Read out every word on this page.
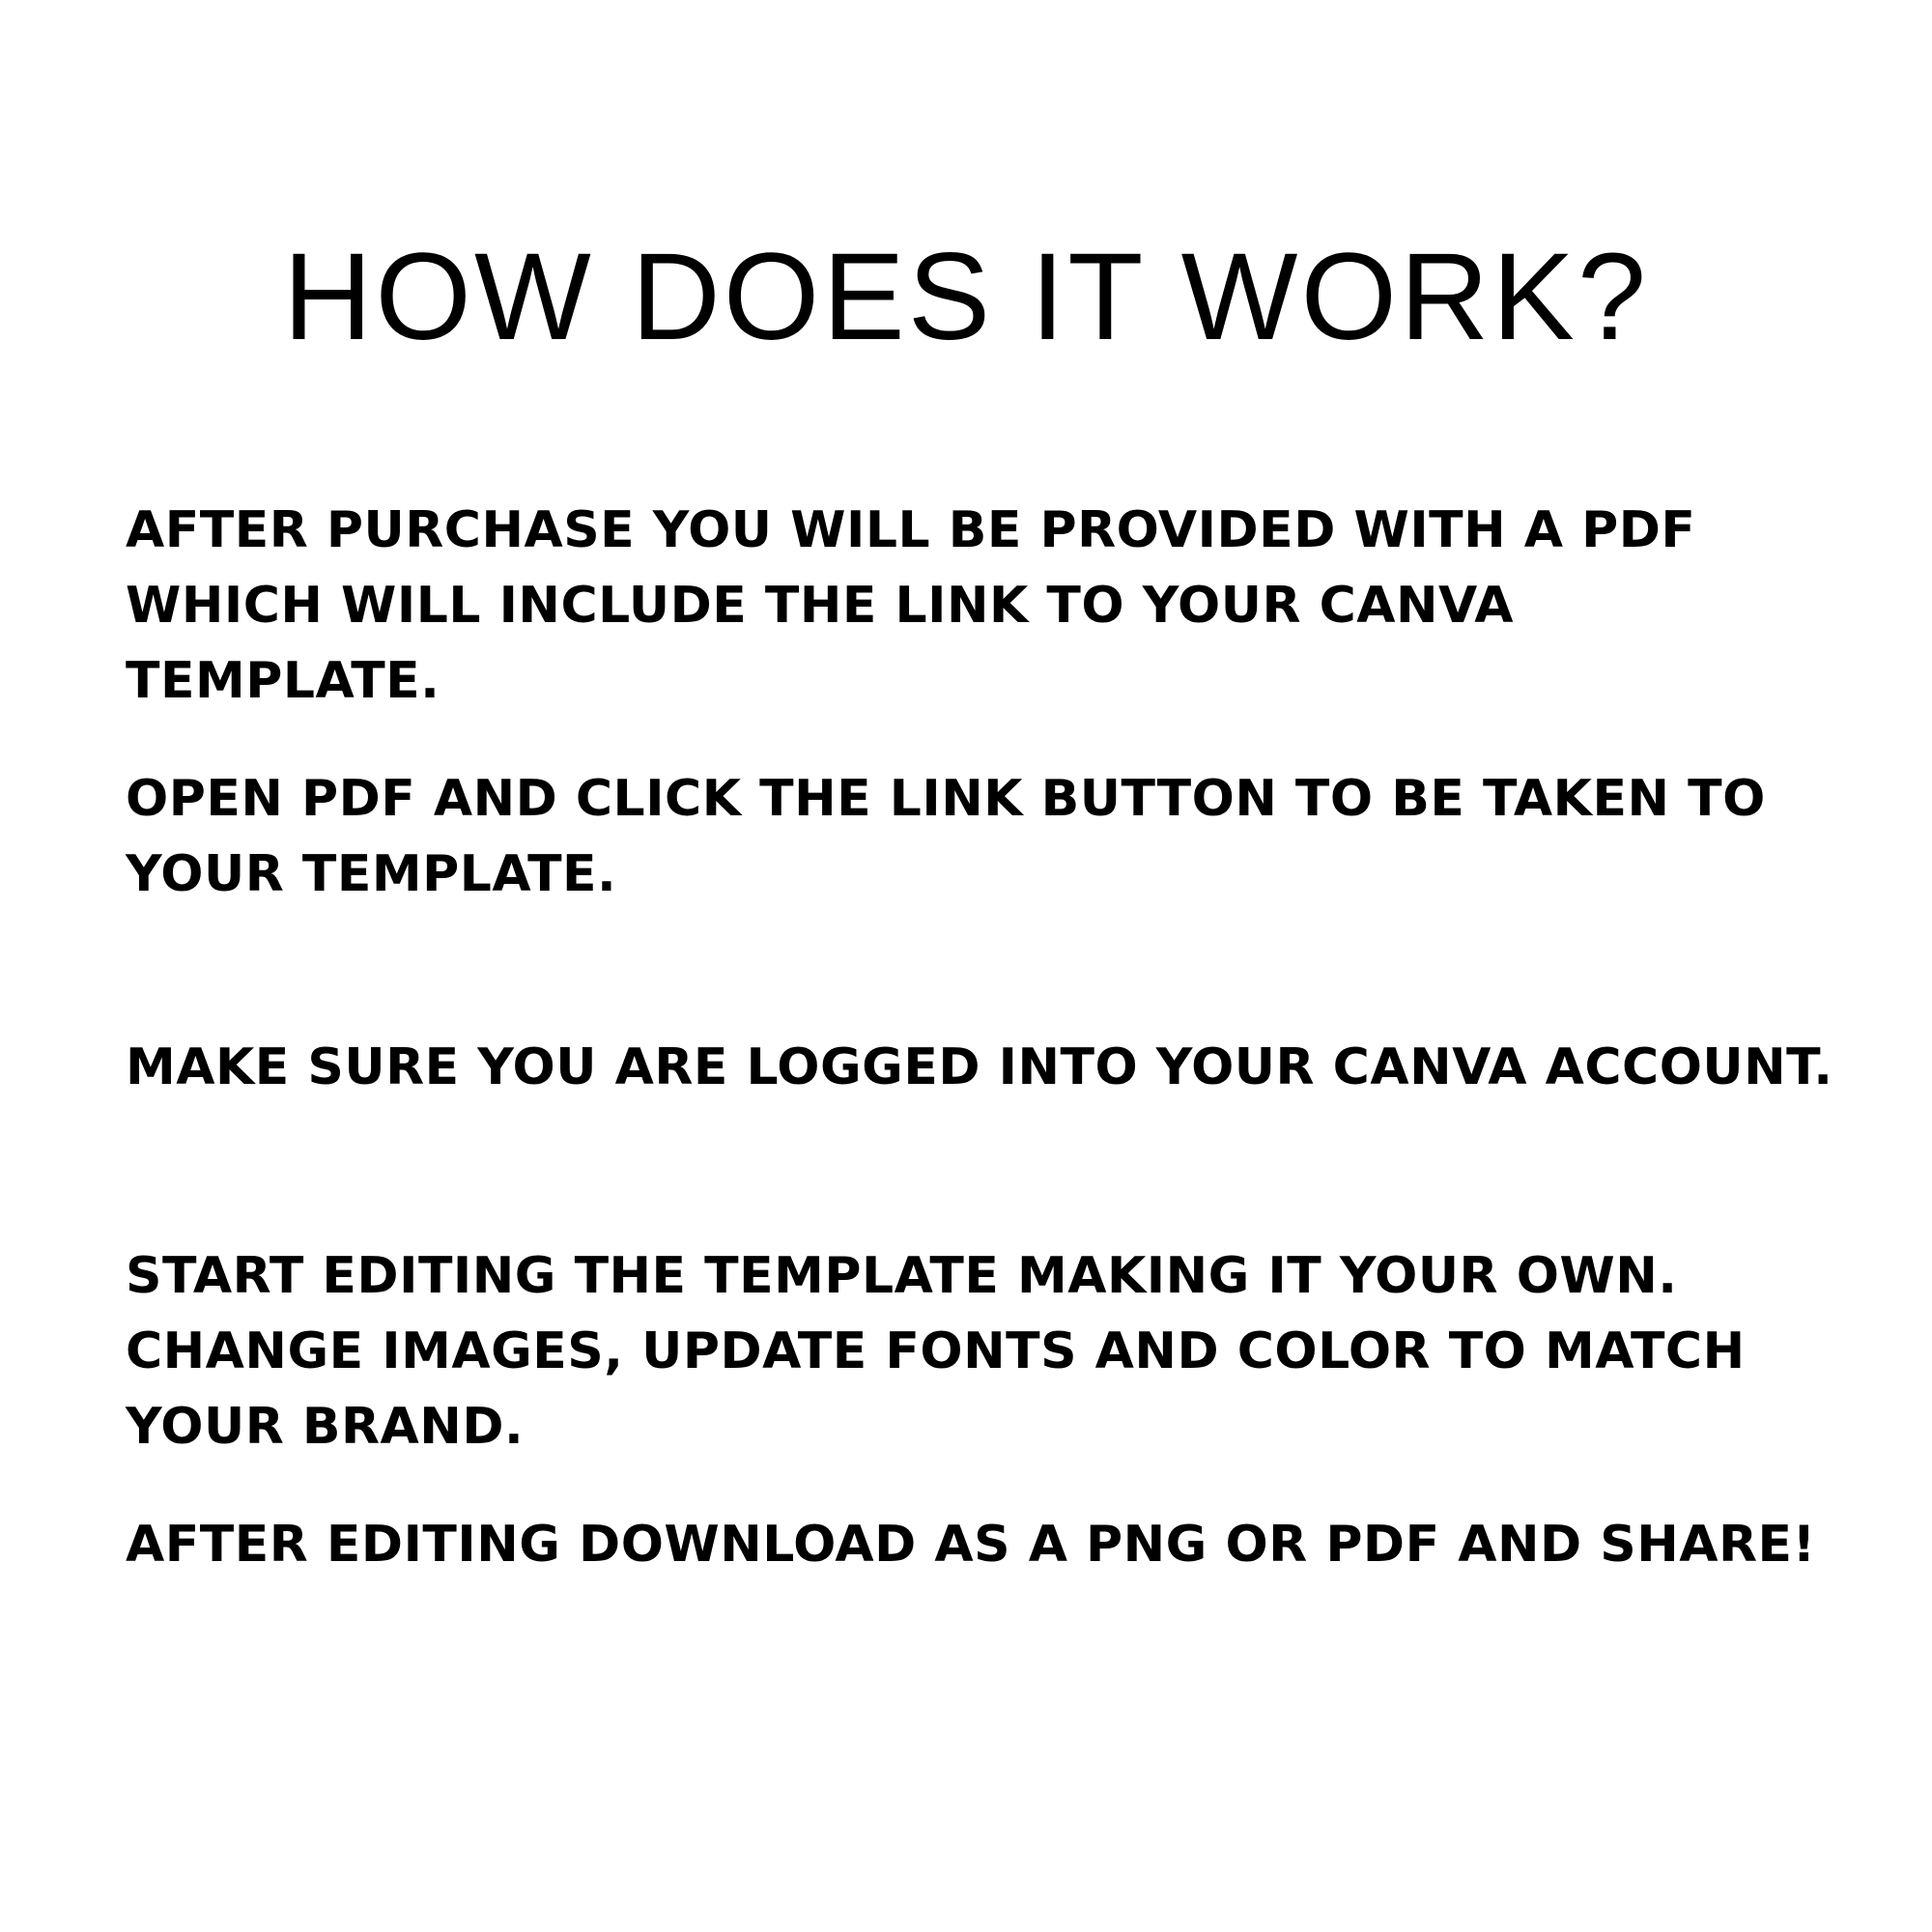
HOW DOES IT WORK?

AFTER PURCHASE YOU WILL BE PROVIDED WITH A PDF WHICH WILL INCLUDE THE LINK TO YOUR CANVA TEMPLATE.

OPEN PDF AND CLICK THE LINK BUTTON TO BE TAKEN TO YOUR TEMPLATE.

MAKE SURE YOU ARE LOGGED INTO YOUR CANVA ACCOUNT.

START EDITING THE TEMPLATE MAKING IT YOUR OWN. CHANGE IMAGES, UPDATE FONTS AND COLOR TO MATCH YOUR BRAND.

AFTER EDITING DOWNLOAD AS A PNG OR PDF AND SHARE!
